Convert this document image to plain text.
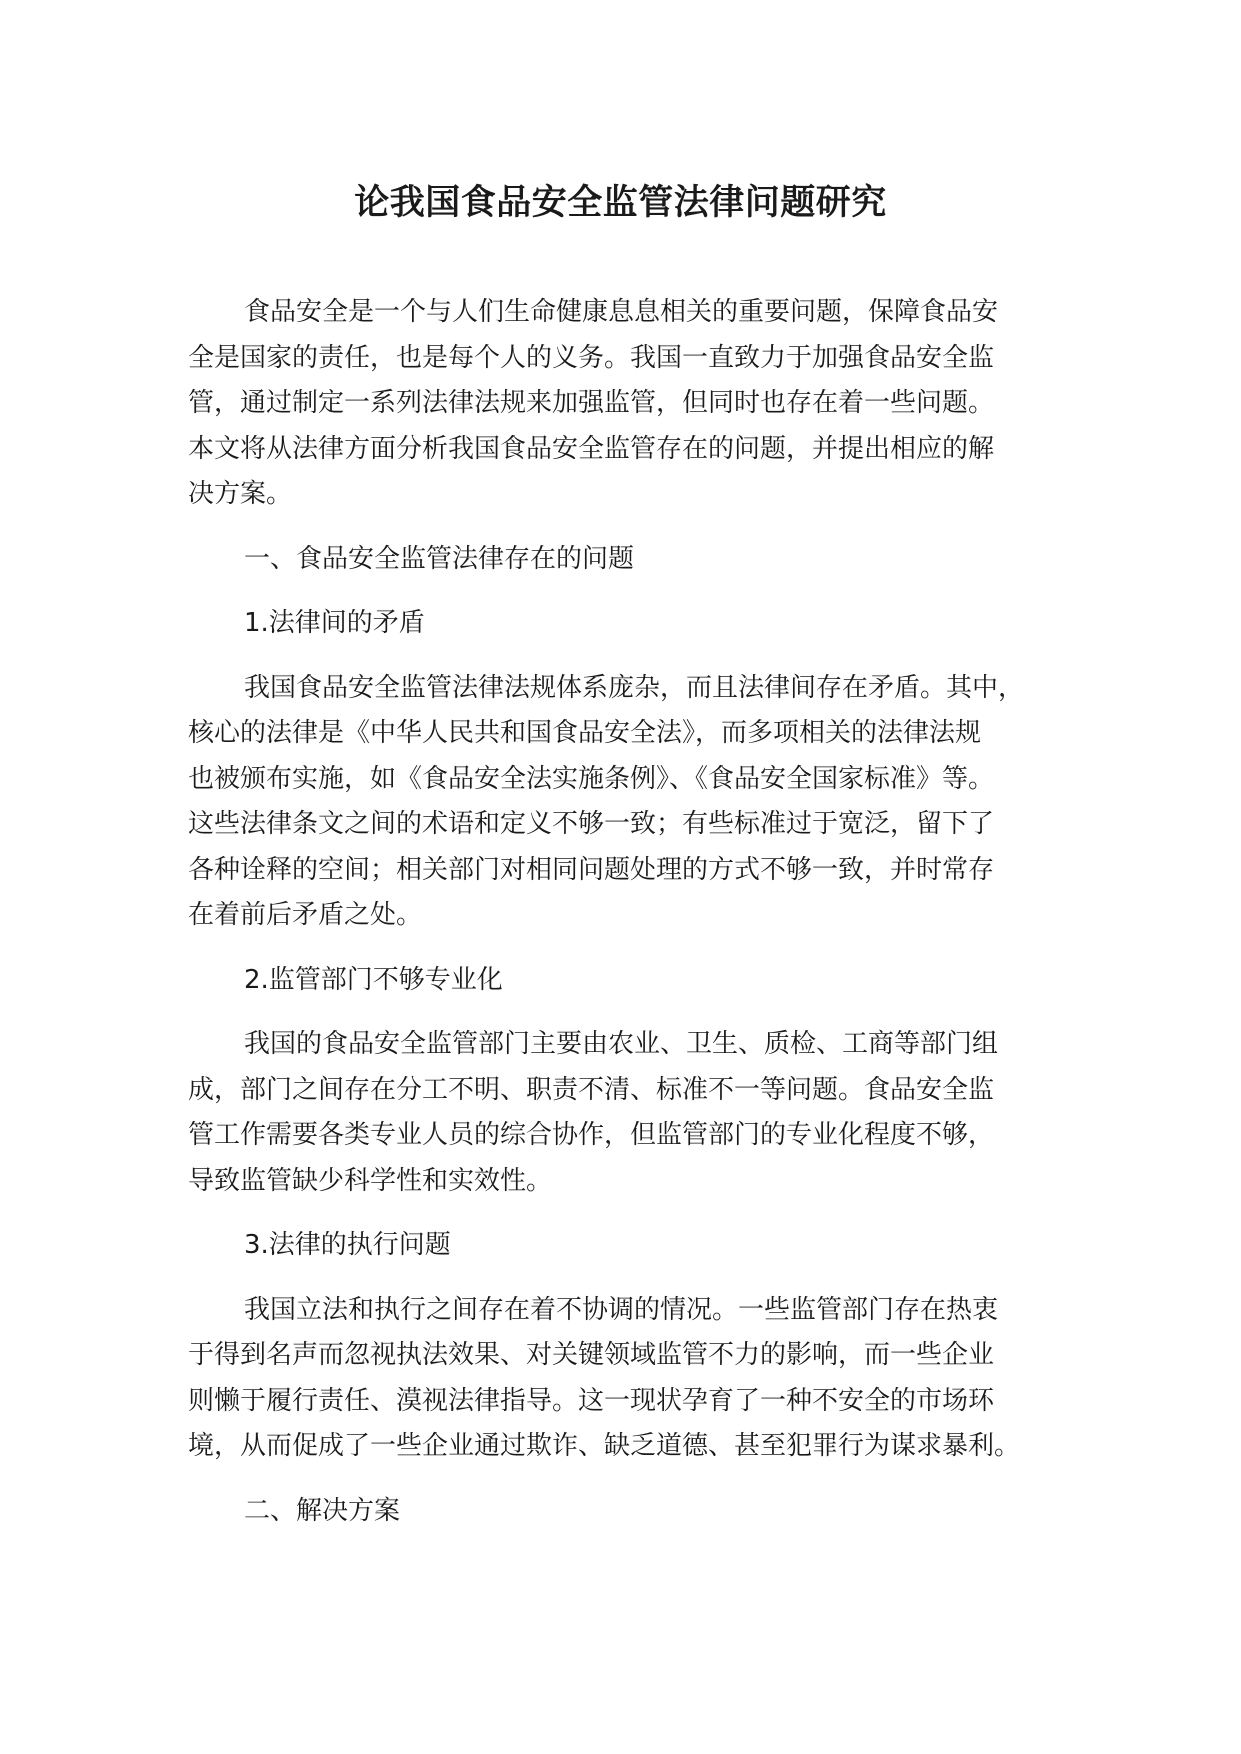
论我国食品安全监管法律问题研究
食品安全是一个与人们生命健康息息相关的重要问题，保障食品安
全是国家的责任，也是每个人的义务。我国一直致力于加强食品安全监
管，通过制定一系列法律法规来加强监管，但同时也存在着一些问题。
本文将从法律方面分析我国食品安全监管存在的问题，并提出相应的解
决方案。
一、食品安全监管法律存在的问题
1.法律间的矛盾
我国食品安全监管法律法规体系庞杂，而且法律间存在矛盾。其中，
核心的法律是《中华人民共和国食品安全法》，而多项相关的法律法规
也被颁布实施，如《食品安全法实施条例》、《食品安全国家标准》等。
这些法律条文之间的术语和定义不够一致；有些标准过于宽泛，留下了
各种诠释的空间；相关部门对相同问题处理的方式不够一致，并时常存
在着前后矛盾之处。
2.监管部门不够专业化
我国的食品安全监管部门主要由农业、卫生、质检、工商等部门组
成，部门之间存在分工不明、职责不清、标准不一等问题。食品安全监
管工作需要各类专业人员的综合协作，但监管部门的专业化程度不够，
导致监管缺少科学性和实效性。
3.法律的执行问题
我国立法和执行之间存在着不协调的情况。一些监管部门存在热衷
于得到名声而忽视执法效果、对关键领域监管不力的影响，而一些企业
则懒于履行责任、漠视法律指导。这一现状孕育了一种不安全的市场环
境，从而促成了一些企业通过欺诈、缺乏道德、甚至犯罪行为谋求暴利。
二、解决方案
